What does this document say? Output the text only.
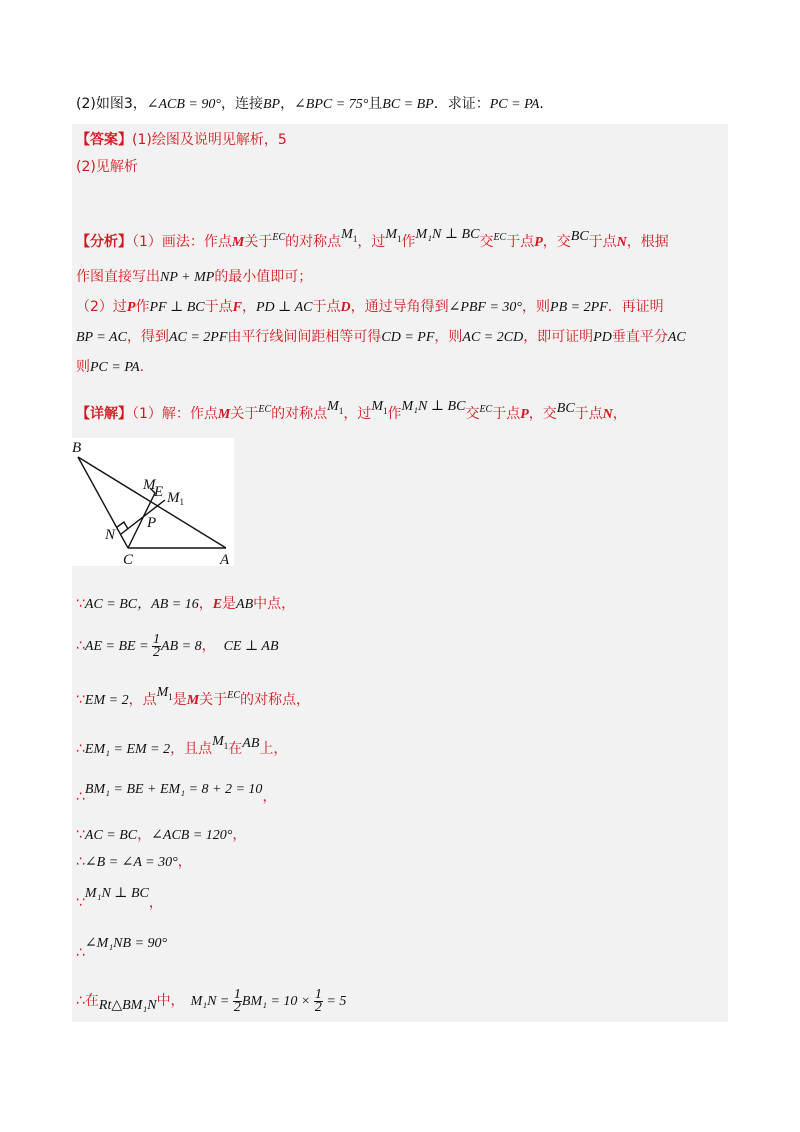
(2)如图3，∠ACB = 90°，连接BP，∠BPC = 75°且BC = BP．求证：PC = PA.
【答案】(1)绘图及说明见解析，5
(2)见解析
【分析】（1）画法：作点M关于$^{EC}$的对称点$M_1$，过$M_1$作M₁N ⊥ BC交$^{EC}$于点P，交BC于点N，根据
作图直接写出NP + MP的最小值即可；
（2）过P作PF ⊥ BC于点F，PD ⊥ AC于点D，通过导角得到∠PBF = 30°，则PB = 2PF．再证明
BP = AC，得到AC = 2PF由平行线间间距相等可得CD = PF，则AC = 2CD，即可证明PD垂直平分AC
则PC = PA.
【详解】（1）解：作点M关于$^{EC}$的对称点$M_1$，过$M_1$作M₁N ⊥ BC交$^{EC}$于点P，交BC于点N，
B
M
E $M_1$
P
N
C	A
∵AC = BC，AB = 16，E是AB中点，
∴AE = BE = $\frac{1}{2}$ AB = 8， CE ⊥ AB
∵EM = 2，点$M_1$是M关于$^{EC}$的对称点，
∴EM₁ = EM = 2，且点$M_1$在AB上，
∴BM₁ = BE + EM₁ = 8 + 2 = 10，
∵AC = BC，∠ACB = 120°，
∴∠B = ∠A = 30°，
∵M₁N ⊥ BC，
∴∠M₁NB = 90°
∴在Rt△BM₁N中， $M_1N = \frac{1}{2} BM_1 = 10 \times \frac{1}{2} = 5$
